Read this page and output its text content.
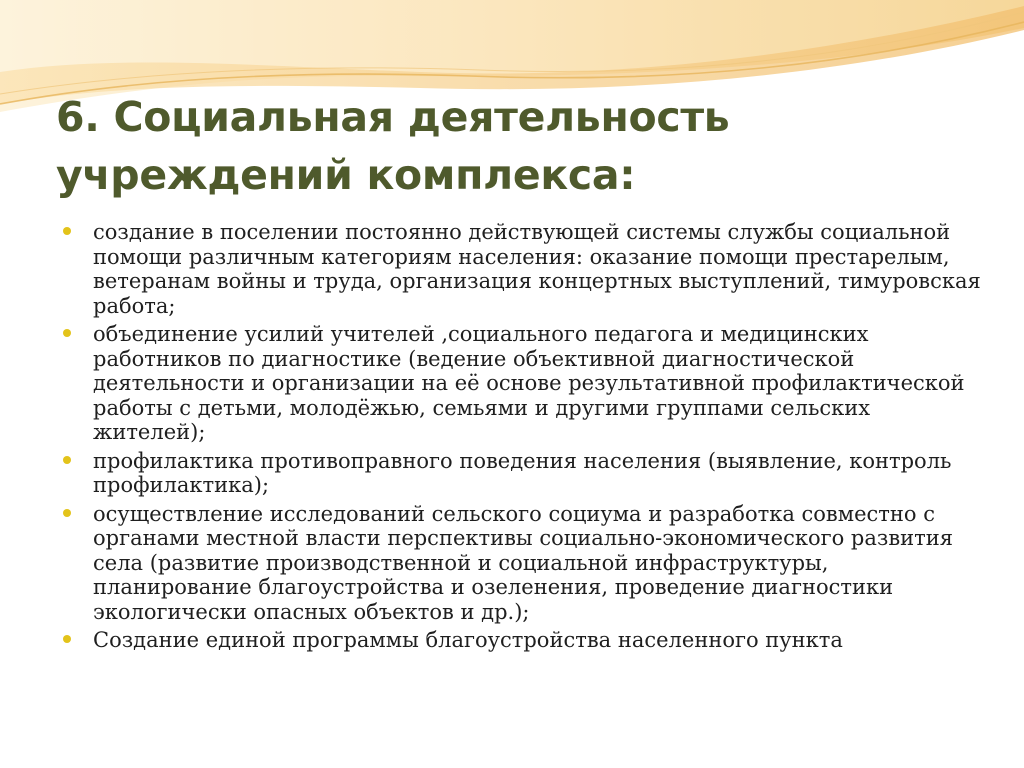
6. Социальная деятельность учреждений комплекса:
создание в поселении постоянно действующей системы службы социальной помощи различным категориям населения: оказание помощи престарелым, ветеранам войны и труда, организация концертных выступлений, тимуровская работа;
объединение усилий учителей ,социального педагога и медицинских работников по диагностике (ведение объективной диагностической деятельности и организации на её основе результативной профилактической работы с детьми, молодёжью, семьями и другими группами сельских жителей);
профилактика противоправного поведения населения (выявление, контроль профилактика);
осуществление исследований сельского социума и разработка совместно с органами местной власти перспективы социально-экономического развития села (развитие производственной и социальной инфраструктуры, планирование благоустройства и озеленения, проведение диагностики экологически опасных объектов и др.);
Создание единой программы благоустройства населенного пункта
